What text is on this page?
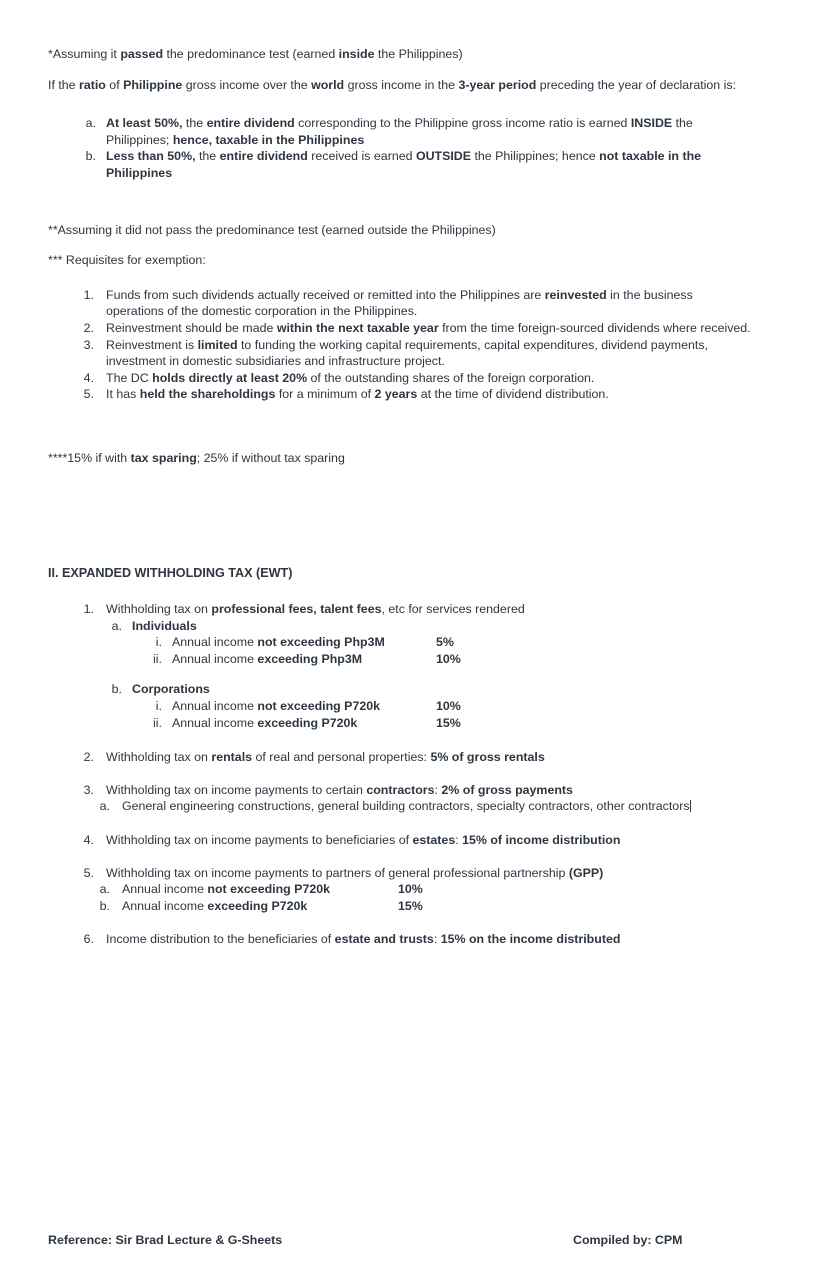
*Assuming it passed the predominance test (earned inside the Philippines)

If the ratio of Philippine gross income over the world gross income in the 3-year period preceding the year of declaration is:

a. At least 50%, the entire dividend corresponding to the Philippine gross income ratio is earned INSIDE the Philippines; hence, taxable in the Philippines
b. Less than 50%, the entire dividend received is earned OUTSIDE the Philippines; hence not taxable in the Philippines

**Assuming it did not pass the predominance test (earned outside the Philippines)

*** Requisites for exemption:

1. Funds from such dividends actually received or remitted into the Philippines are reinvested in the business operations of the domestic corporation in the Philippines.
2. Reinvestment should be made within the next taxable year from the time foreign-sourced dividends where received.
3. Reinvestment is limited to funding the working capital requirements, capital expenditures, dividend payments, investment in domestic subsidiaries and infrastructure project.
4. The DC holds directly at least 20% of the outstanding shares of the foreign corporation.
5. It has held the shareholdings for a minimum of 2 years at the time of dividend distribution.

****15% if with tax sparing; 25% if without tax sparing

II. EXPANDED WITHHOLDING TAX (EWT)

1. Withholding tax on professional fees, talent fees, etc for services rendered
a. Individuals
i. Annual income not exceeding Php3M	5%
ii. Annual income exceeding Php3M	10%
b. Corporations
i. Annual income not exceeding P720k	10%
ii. Annual income exceeding P720k	15%
2. Withholding tax on rentals of real and personal properties: 5% of gross rentals
3. Withholding tax on income payments to certain contractors: 2% of gross payments
a. General engineering constructions, general building contractors, specialty contractors, other contractors
4. Withholding tax on income payments to beneficiaries of estates: 15% of income distribution
5. Withholding tax on income payments to partners of general professional partnership (GPP)
a. Annual income not exceeding P720k	10%
b. Annual income exceeding P720k	15%
6. Income distribution to the beneficiaries of estate and trusts: 15% on the income distributed
Reference: Sir Brad Lecture & G-Sheets	Compiled by: CPM
